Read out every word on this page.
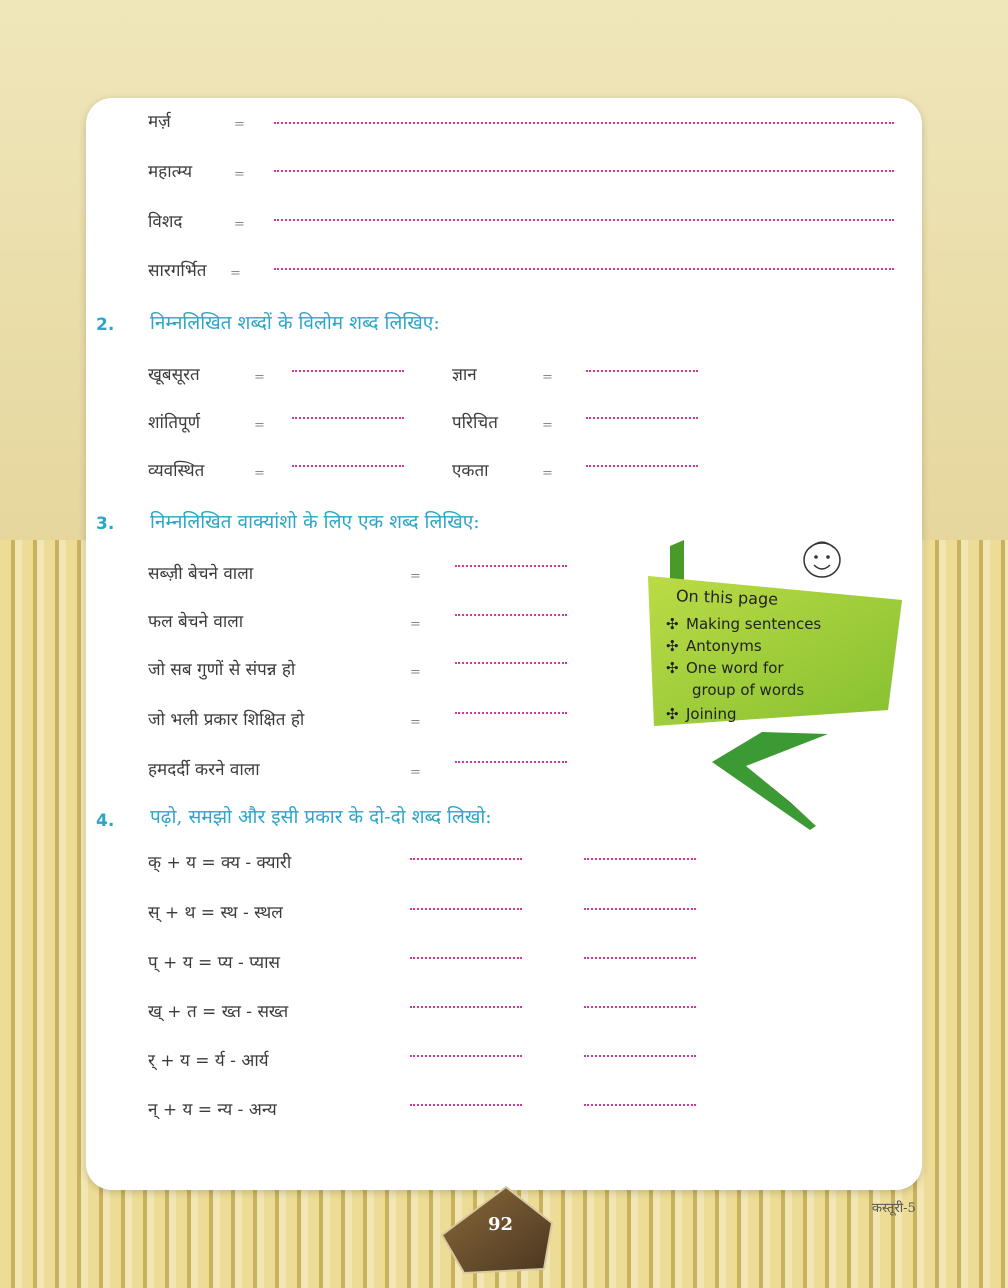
मर्ज़	=
महात्म्य	=
विशद	=
सारगर्भित =
2. निम्नलिखित शब्दों के विलोम शब्द लिखिए:
खूबसूरत	=	ज्ञान	=
शांतिपूर्ण	=	परिचित	=
व्यवस्थित	=	एकता	=
3. निम्नलिखित वाक्यांशो के लिए एक शब्द लिखिए:
सब्ज़ी बेचने वाला	=
फल बेचने वाला	=
जो सब गुणों से संपन्न हो	=
जो भली प्रकार शिक्षित हो	=
हमदर्दी करने वाला	=
On this page
✣ Making sentences
✣ Antonyms
✣ One word for
group of words
✣ Joining
4. पढ़ो, समझो और इसी प्रकार के दो-दो शब्द लिखो:
क् + य = क्य - क्यारी
स् + थ = स्थ - स्थल
प् + य = प्य - प्यास
ख् + त = ख्त - सख्त
र् + य = र्य - आर्य
न् + य = न्य - अन्य
92
कस्तूरी-5
